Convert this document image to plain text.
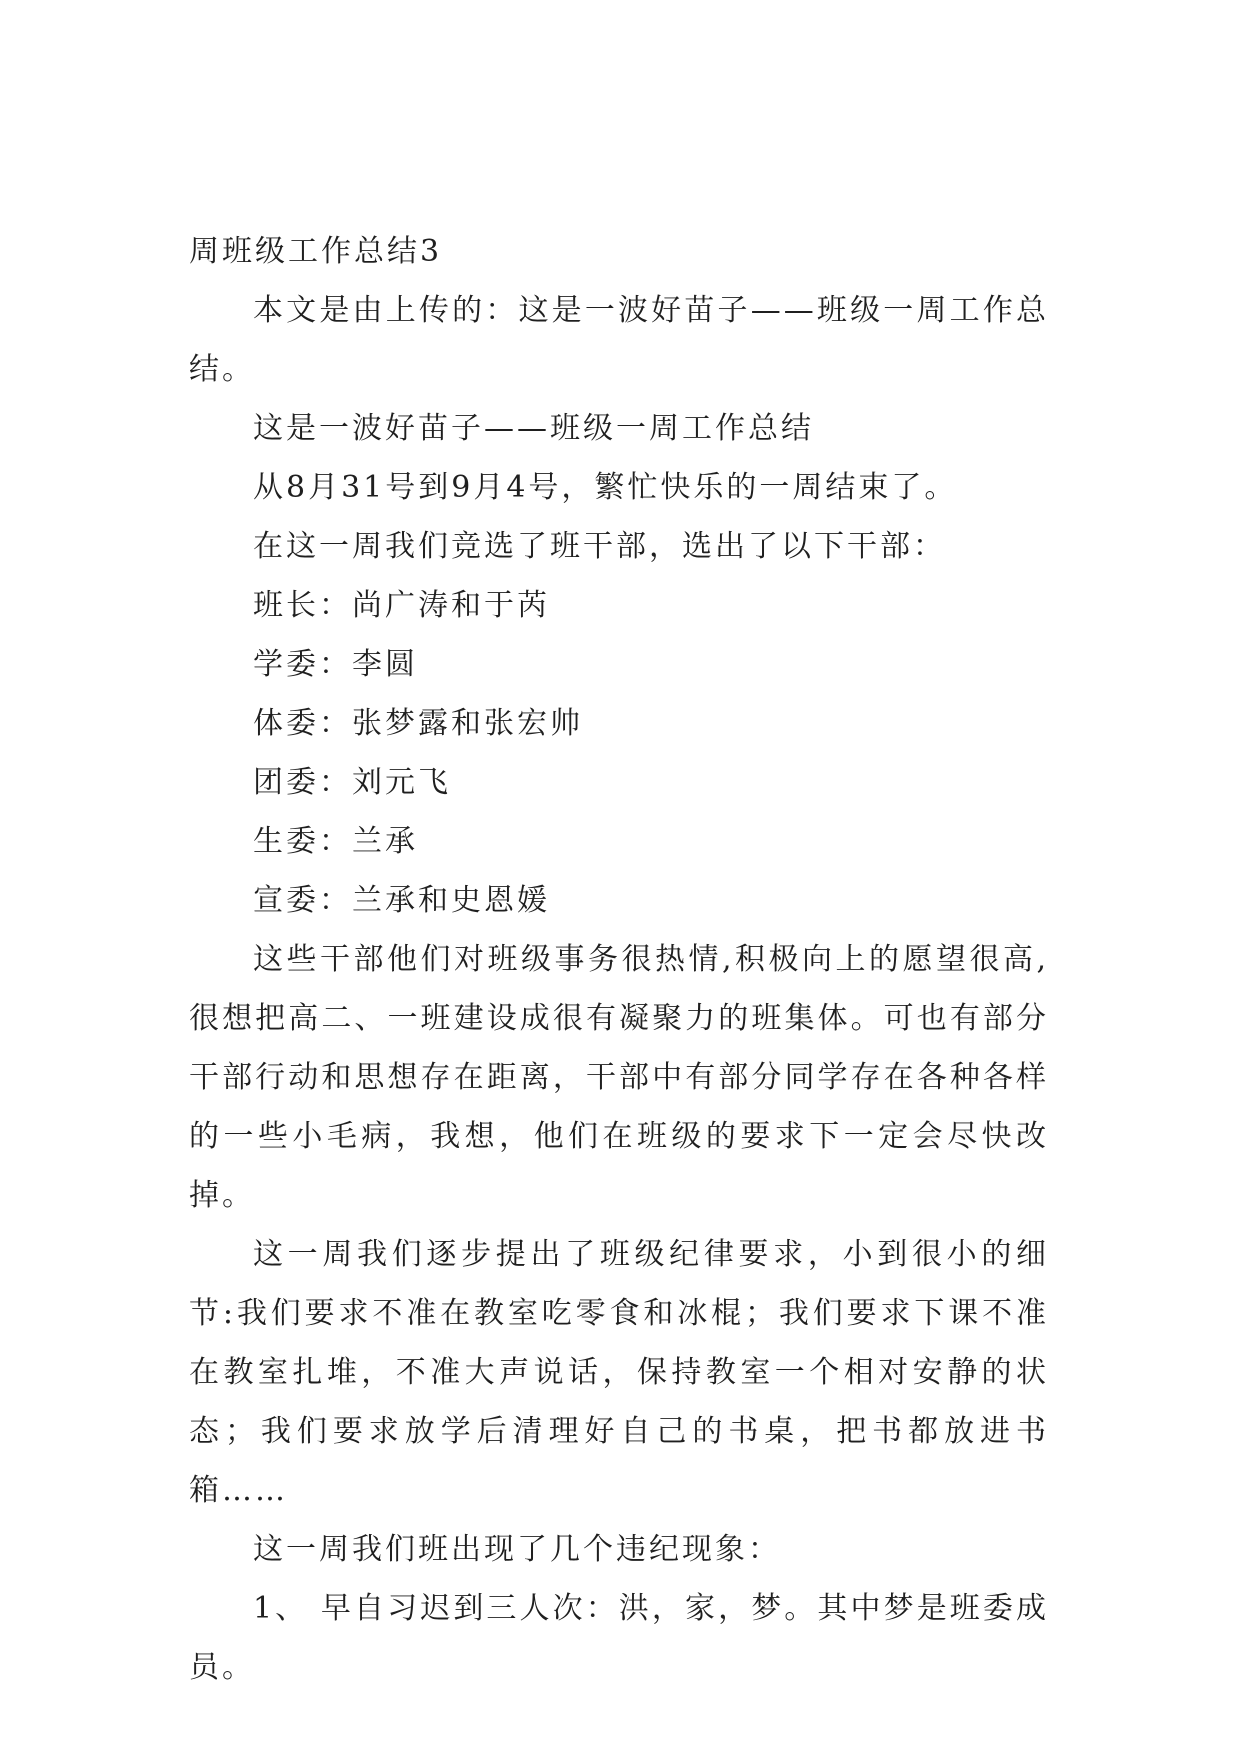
周班级工作总结3

本文是由上传的：这是一波好苗子——班级一周工作总结。

这是一波好苗子——班级一周工作总结

从8月31号到9月4号，繁忙快乐的一周结束了。

在这一周我们竞选了班干部，选出了以下干部：

班长：尚广涛和于芮

学委：李圆

体委：张梦露和张宏帅

团委：刘元飞

生委：兰承

宣委：兰承和史恩媛

这些干部他们对班级事务很热情,积极向上的愿望很高,很想把高二、一班建设成很有凝聚力的班集体。可也有部分干部行动和思想存在距离，干部中有部分同学存在各种各样的一些小毛病，我想，他们在班级的要求下一定会尽快改掉。

这一周我们逐步提出了班级纪律要求，小到很小的细节:我们要求不准在教室吃零食和冰棍；我们要求下课不准在教室扎堆，不准大声说话，保持教室一个相对安静的状态；我们要求放学后清理好自己的书桌，把书都放进书箱……

这一周我们班出现了几个违纪现象：

1、 早自习迟到三人次：洪，家，梦。其中梦是班委成员。
